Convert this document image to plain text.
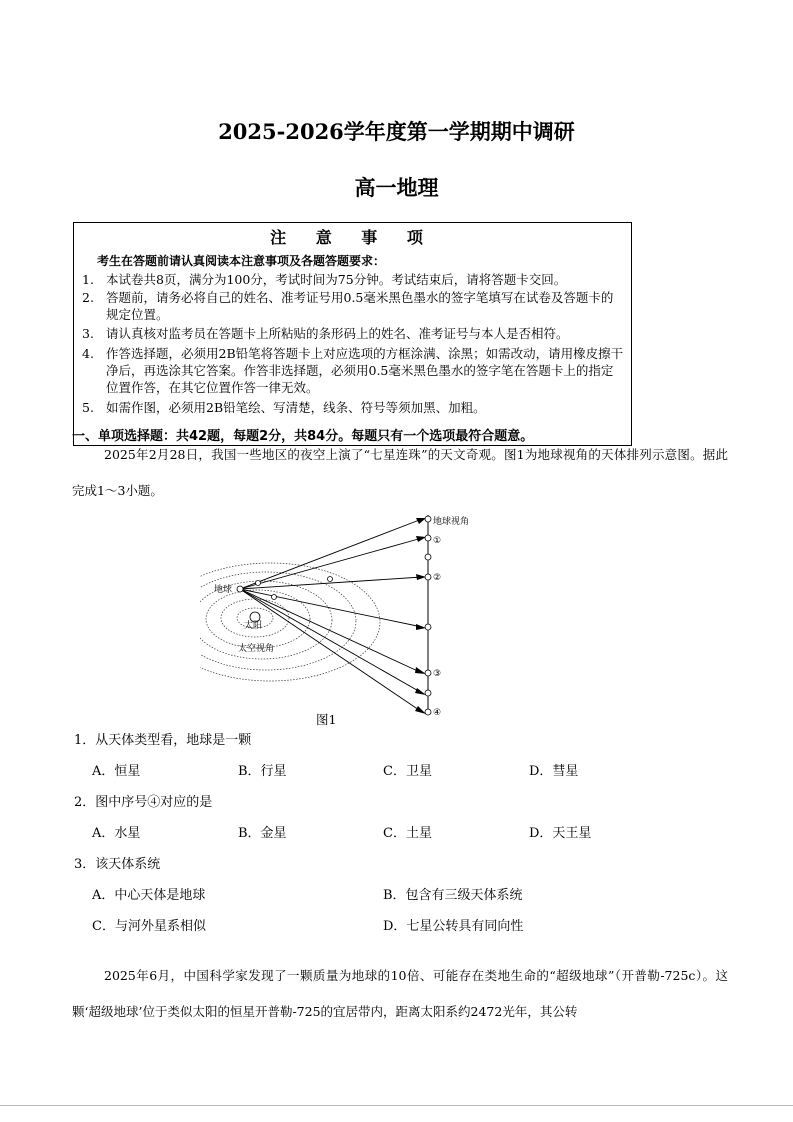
2025-2026学年度第一学期期中调研
高一地理
注 意 事 项
考生在答题前请认真阅读本注意事项及各题答题要求：
1. 本试卷共8页，满分为100分，考试时间为75分钟。考试结束后，请将答题卡交回。
2. 答题前，请务必将自己的姓名、准考证号用0.5毫米黑色墨水的签字笔填写在试卷及答题卡的规定位置。
3. 请认真核对监考员在答题卡上所粘贴的条形码上的姓名、准考证号与本人是否相符。
4. 作答选择题，必须用2B铅笔将答题卡上对应选项的方框涂满、涂黑；如需改动，请用橡皮擦干净后，再选涂其它答案。作答非选择题，必须用0.5毫米黑色墨水的签字笔在答题卡上的指定位置作答，在其它位置作答一律无效。
5. 如需作图，必须用2B铅笔绘、写清楚，线条、符号等须加黑、加粗。
一、单项选择题：共42题，每题2分，共84分。每题只有一个选项最符合题意。

2025年2月28日，我国一些地区的夜空上演了“七星连珠”的天文奇观。图1为地球视角的天体排列示意图。据此完成1～3小题。

地球视角
①
②
③
④
地球
太阳
太空视角
图1
1．从天体类型看，地球是一颗
A．恒星	B．行星	C．卫星	D．彗星
2．图中序号④对应的是
A．水星	B．金星	C．土星	D．天王星
3．该天体系统
A．中心天体是地球	B．包含有三级天体系统
C．与河外星系相似	D．七星公转具有同向性

2025年6月，中国科学家发现了一颗质量为地球的10倍、可能存在类地生命的“超级地球”（开普勒-725c）。这颗‘超级地球’位于类似太阳的恒星开普勒-725的宜居带内，距离太阳系约2472光年，其公转
